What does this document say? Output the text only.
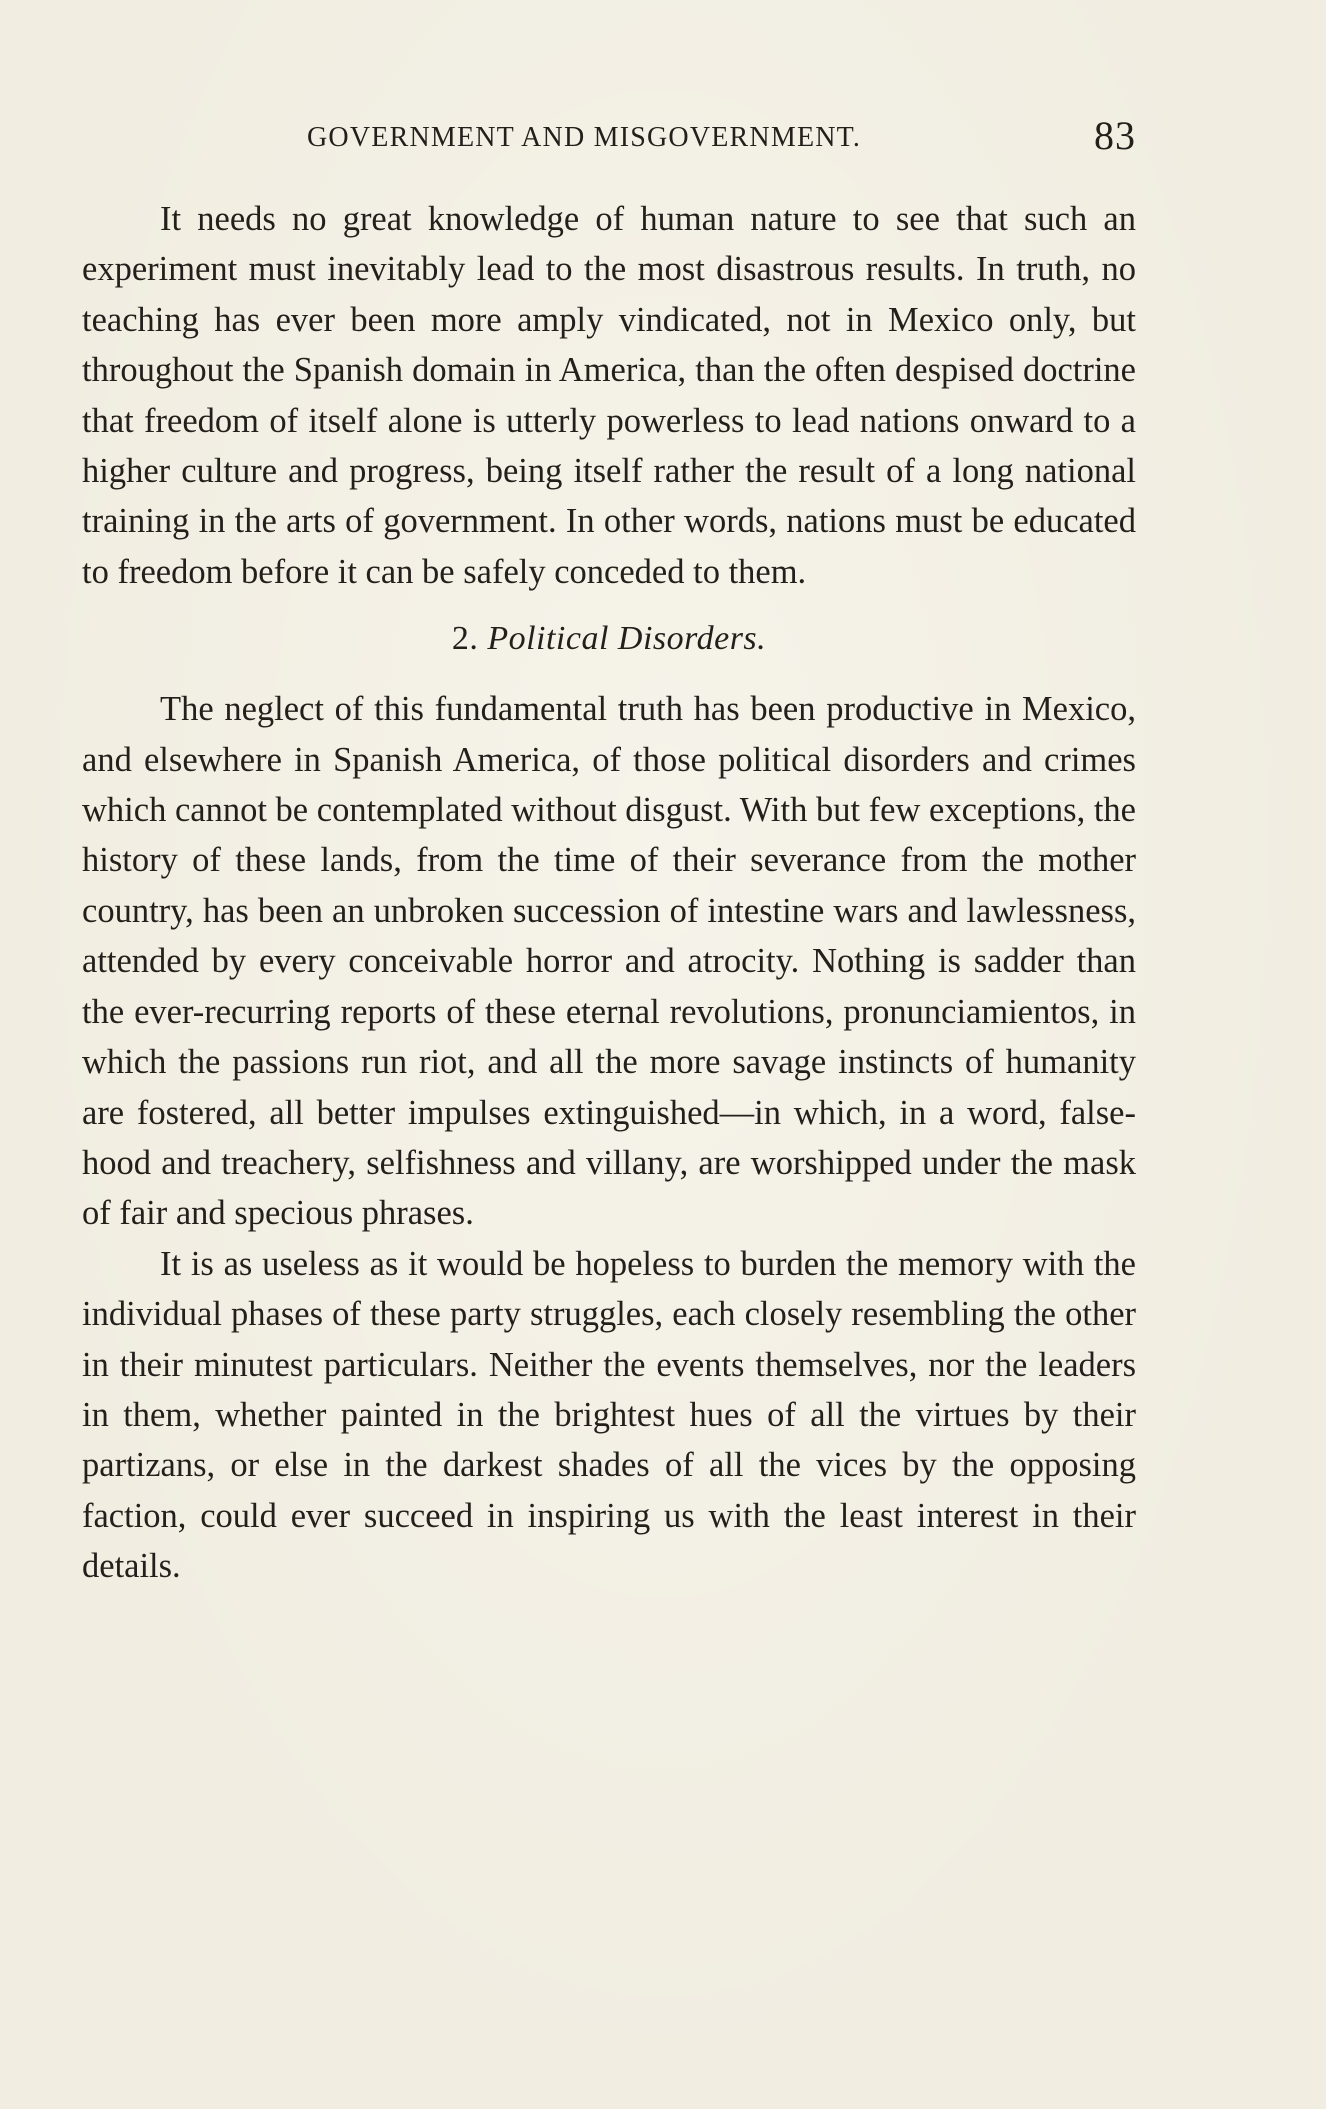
GOVERNMENT AND MISGOVERNMENT.	83

It needs no great knowledge of human nature to see that such an experiment must inevitably lead to the most disastrous results. In truth, no teaching has ever been more amply vindicated, not in Mexico only, but throughout the Spanish domain in America, than the often despised doctrine that freedom of itself alone is utterly powerless to lead nations onward to a higher culture and progress, being itself rather the result of a long national training in the arts of government. In other words, nations must be educated to freedom before it can be safely conceded to them.

2. Political Disorders.

The neglect of this fundamental truth has been productive in Mexico, and elsewhere in Spanish America, of those political disorders and crimes which cannot be contemplated without disgust. With but few exceptions, the history of these lands, from the time of their severance from the mother country, has been an unbroken succession of intestine wars and lawlessness, attended by every conceivable horror and atrocity. Nothing is sadder than the ever-recurring reports of these eternal revolutions, pronunciamientos, in which the passions run riot, and all the more savage instincts of humanity are fostered, all better impulses extinguished—in which, in a word, falsehood and treachery, selfishness and villany, are worshipped under the mask of fair and specious phrases.

It is as useless as it would be hopeless to burden the memory with the individual phases of these party struggles, each closely resembling the other in their minutest particulars. Neither the events themselves, nor the leaders in them, whether painted in the brightest hues of all the virtues by their partizans, or else in the darkest shades of all the vices by the opposing faction, could ever succeed in inspiring us with the least interest in their details.
